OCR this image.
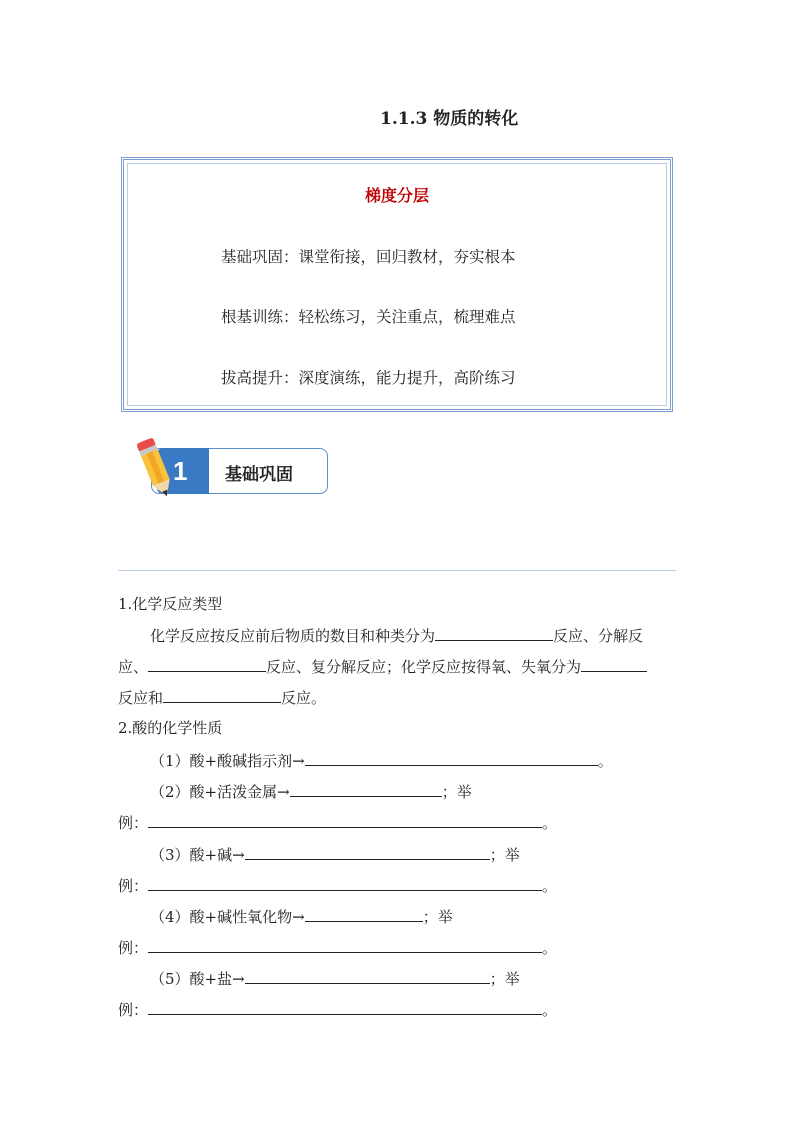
1.1.3 物质的转化
梯度分层
基础巩固：课堂衔接，回归教材，夯实根本
根基训练：轻松练习，关注重点，梳理难点
拔高提升：深度演练，能力提升，高阶练习
1 基础巩固
1.化学反应类型
化学反应按反应前后物质的数目和种类分为	反应、分解反
应、	反应、复分解反应；化学反应按得氧、失氧分为
反应和	反应。
2.酸的化学性质
（1）酸+酸碱指示剂→	。
（2）酸+活泼金属→	；举
例：	。
（3）酸+碱→	；举
例：	。
（4）酸+碱性氧化物→	；举
例：	。
（5）酸+盐→	；举
例：	。
